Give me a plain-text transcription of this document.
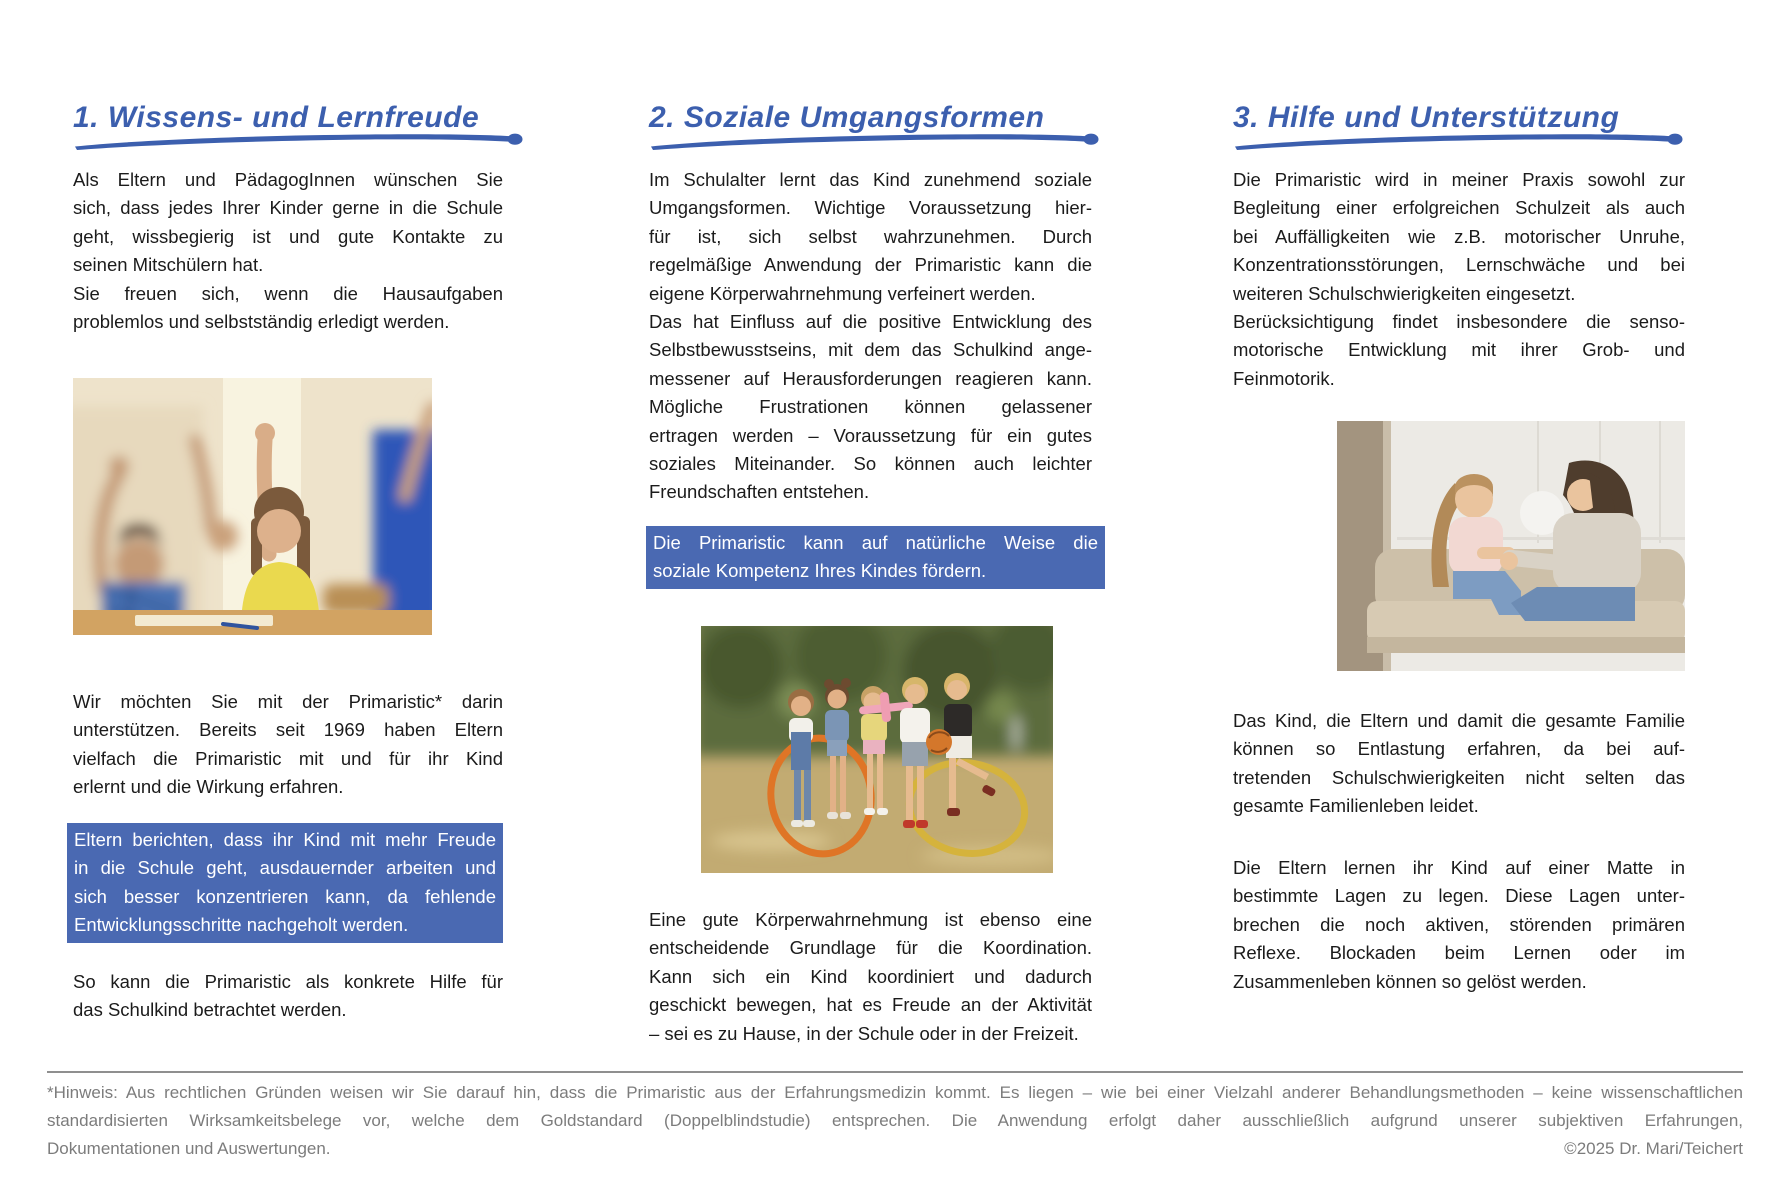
1. Wissens- und Lernfreude
Als Eltern und PädagogInnen wünschen Sie
sich, dass jedes Ihrer Kinder gerne in die Schule
geht, wissbegierig ist und gute Kontakte zu
seinen Mitschülern hat.
Sie freuen sich, wenn die Hausaufgaben
problemlos und selbstständig erledigt werden.
Wir möchten Sie mit der Primaristic* darin
unterstützen. Bereits seit 1969 haben Eltern
vielfach die Primaristic mit und für ihr Kind
erlernt und die Wirkung erfahren.
Eltern berichten, dass ihr Kind mit mehr Freude
in die Schule geht, ausdauernder arbeiten und
sich besser konzentrieren kann, da fehlende
Entwicklungsschritte nachgeholt werden.
So kann die Primaristic als konkrete Hilfe für
das Schulkind betrachtet werden.
2. Soziale Umgangsformen
Im Schulalter lernt das Kind zunehmend soziale
Umgangsformen. Wichtige Voraussetzung hier-
für ist, sich selbst wahrzunehmen. Durch
regelmäßige Anwendung der Primaristic kann die
eigene Körperwahrnehmung verfeinert werden.
Das hat Einfluss auf die positive Entwicklung des
Selbstbewusstseins, mit dem das Schulkind ange-
messener auf Herausforderungen reagieren kann.
Mögliche Frustrationen können gelassener
ertragen werden – Voraussetzung für ein gutes
soziales Miteinander. So können auch leichter
Freundschaften entstehen.
Die Primaristic kann auf natürliche Weise die
soziale Kompetenz Ihres Kindes fördern.
Eine gute Körperwahrnehmung ist ebenso eine
entscheidende Grundlage für die Koordination.
Kann sich ein Kind koordiniert und dadurch
geschickt bewegen, hat es Freude an der Aktivität
– sei es zu Hause, in der Schule oder in der Freizeit.
3. Hilfe und Unterstützung
Die Primaristic wird in meiner Praxis sowohl zur
Begleitung einer erfolgreichen Schulzeit als auch
bei Auffälligkeiten wie z.B. motorischer Unruhe,
Konzentrationsstörungen, Lernschwäche und bei
weiteren Schulschwierigkeiten eingesetzt.
Berücksichtigung findet insbesondere die senso-
motorische Entwicklung mit ihrer Grob- und
Feinmotorik.
Das Kind, die Eltern und damit die gesamte Familie
können so Entlastung erfahren, da bei auf-
tretenden Schulschwierigkeiten nicht selten das
gesamte Familienleben leidet.
Die Eltern lernen ihr Kind auf einer Matte in
bestimmte Lagen zu legen. Diese Lagen unter-
brechen die noch aktiven, störenden primären
Reflexe. Blockaden beim Lernen oder im
Zusammenleben können so gelöst werden.
*Hinweis: Aus rechtlichen Gründen weisen wir Sie darauf hin, dass die Primaristic aus der Erfahrungsmedizin kommt. Es liegen – wie bei einer Vielzahl anderer Behandlungsmethoden – keine wissenschaftlichen
standardisierten Wirksamkeitsbelege vor, welche dem Goldstandard (Doppelblindstudie) entsprechen. Die Anwendung erfolgt daher ausschließlich aufgrund unserer subjektiven Erfahrungen,
Dokumentationen und Auswertungen.	©2025 Dr. Mari/Teichert
